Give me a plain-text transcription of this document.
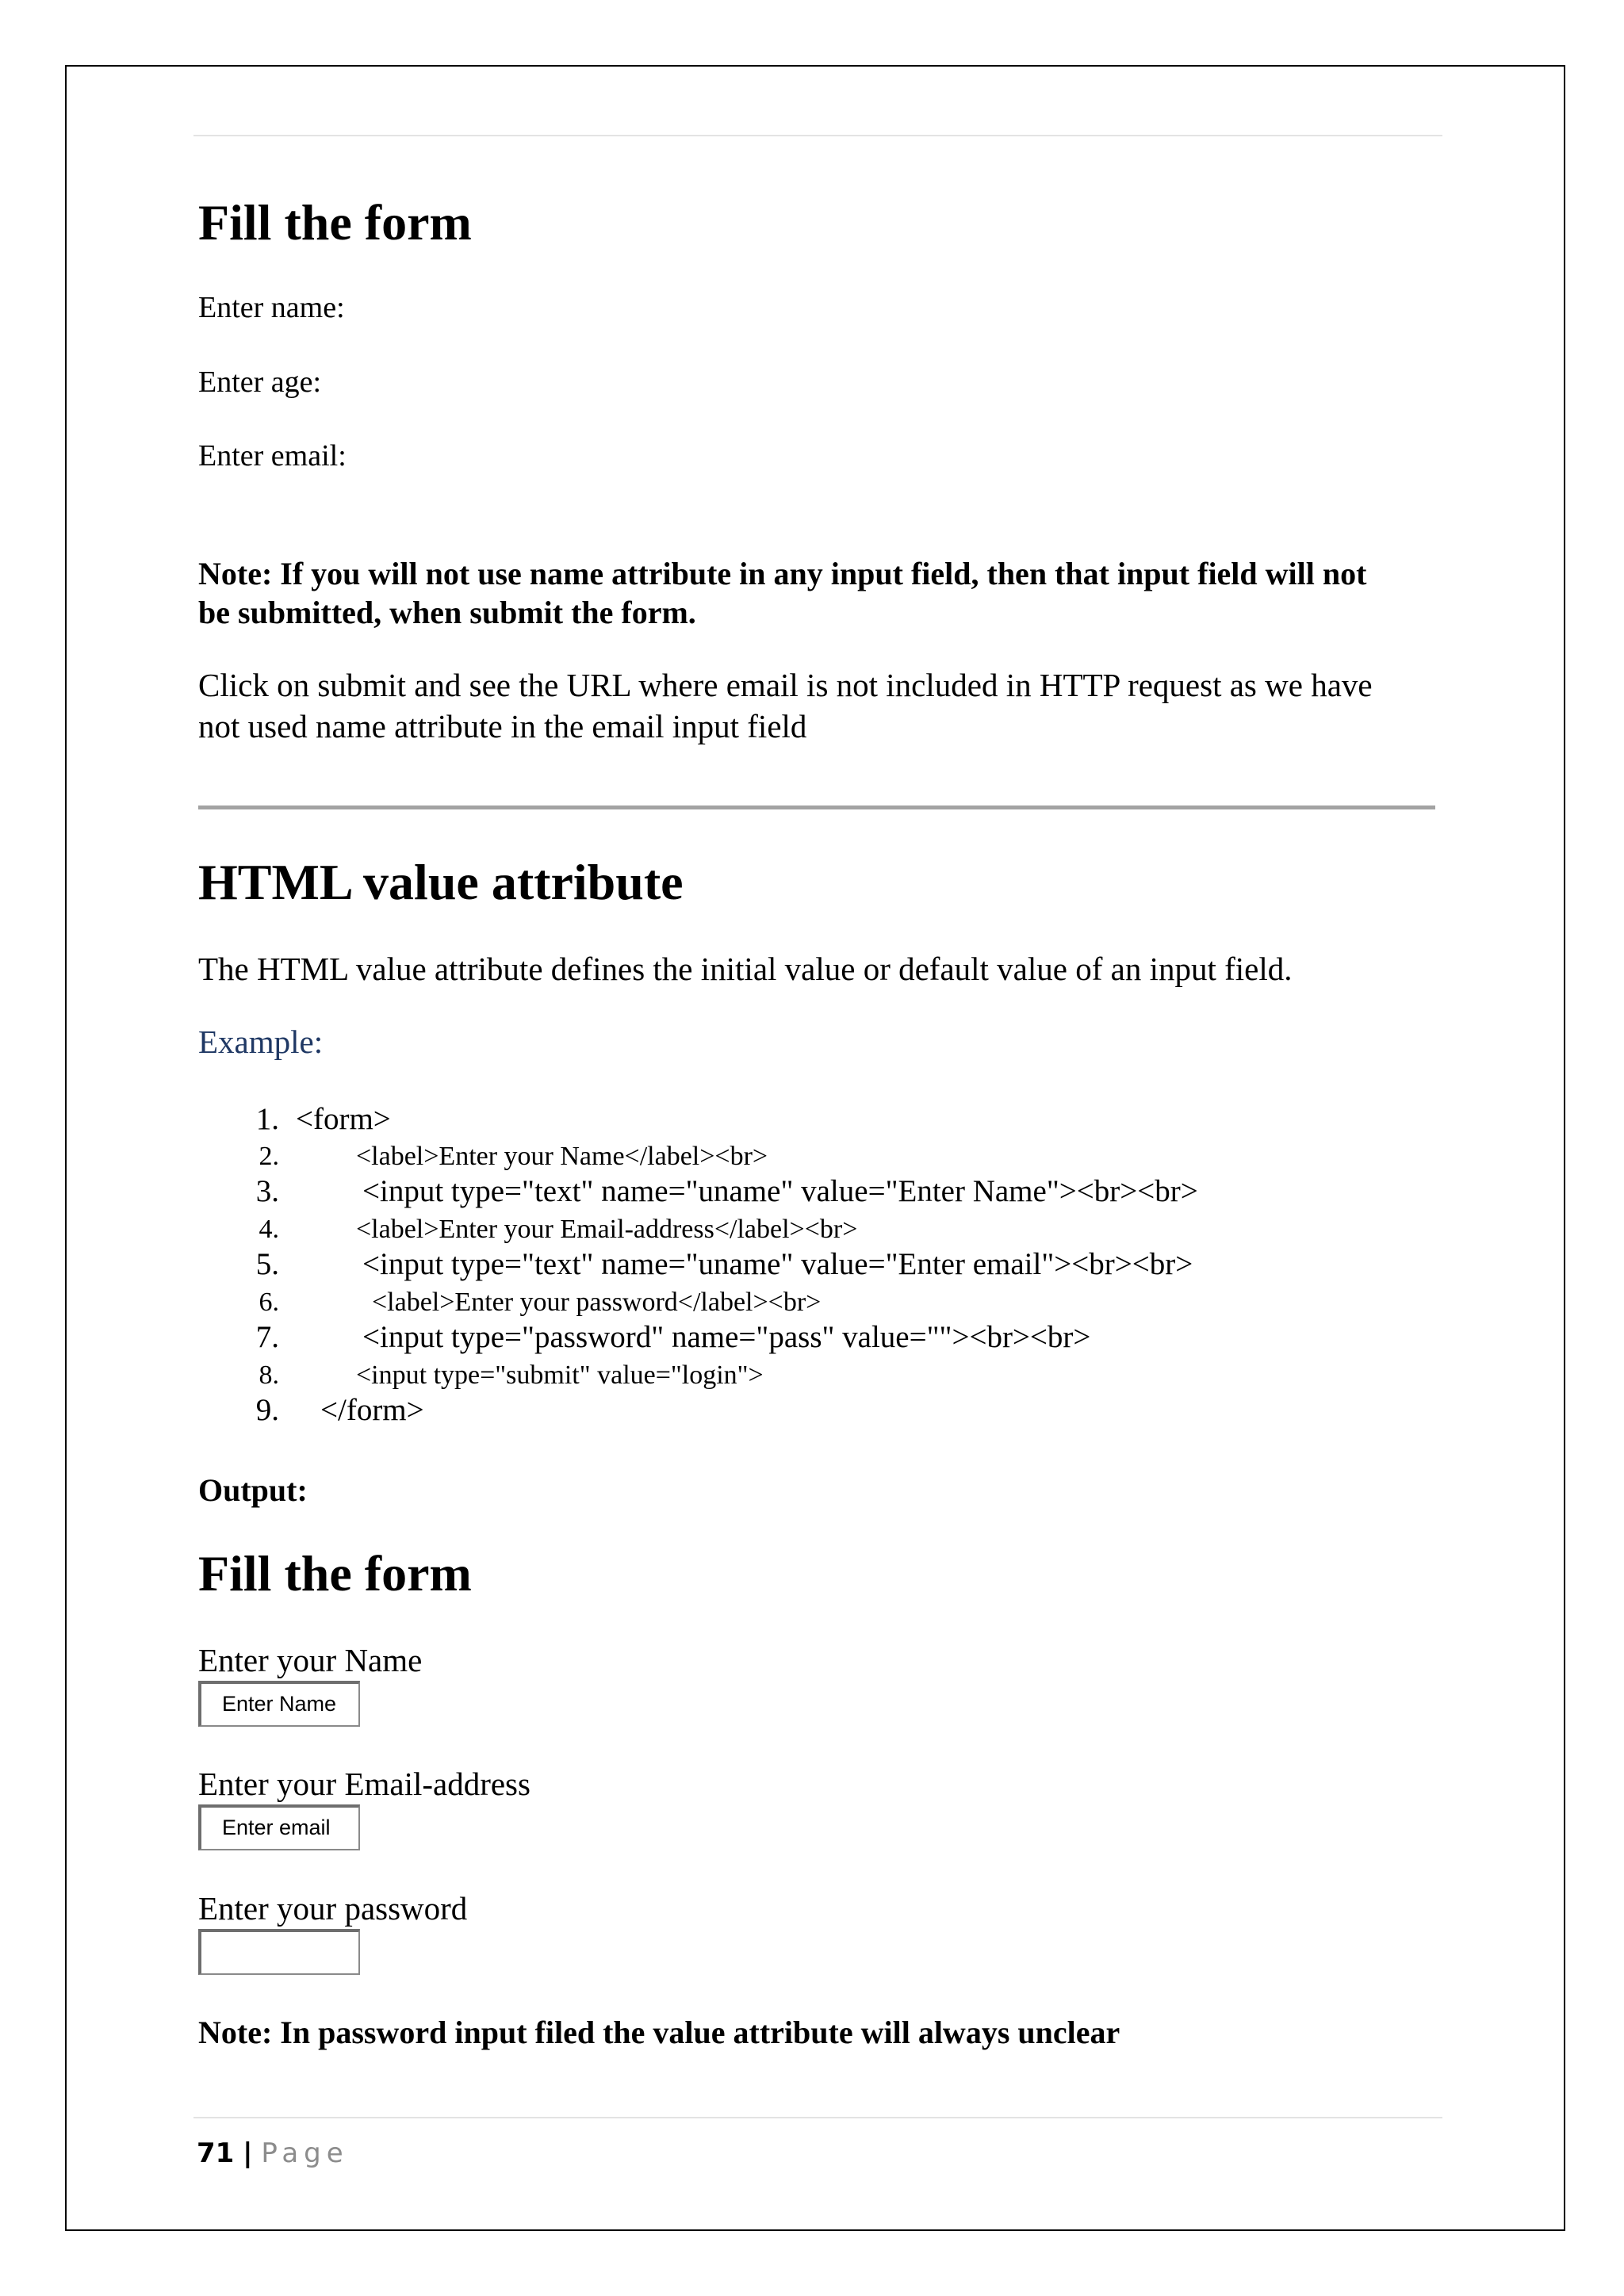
Fill the form
Enter name:
Enter age:
Enter email:
Note: If you will not use name attribute in any input field, then that input field will not
be submitted, when submit the form.
Click on submit and see the URL where email is not included in HTTP request as we have
not used name attribute in the email input field
HTML value attribute
The HTML value attribute defines the initial value or default value of an input field.
Example:
1. <form>
2.	<label>Enter your Name</label><br>
3.	<input type="text" name="uname" value="Enter Name"><br><br>
4.	<label>Enter your Email-address</label><br>
5.	<input type="text" name="uname" value="Enter email"><br><br>
6.	<label>Enter your password</label><br>
7.	<input type="password" name="pass" value=""><br><br>
8.	<input type="submit" value="login">
9. </form>
Output:
Fill the form
Enter your Name
Enter Name
Enter your Email-address
Enter email
Enter your password
Note: In password input filed the value attribute will always unclear
71 | Page
